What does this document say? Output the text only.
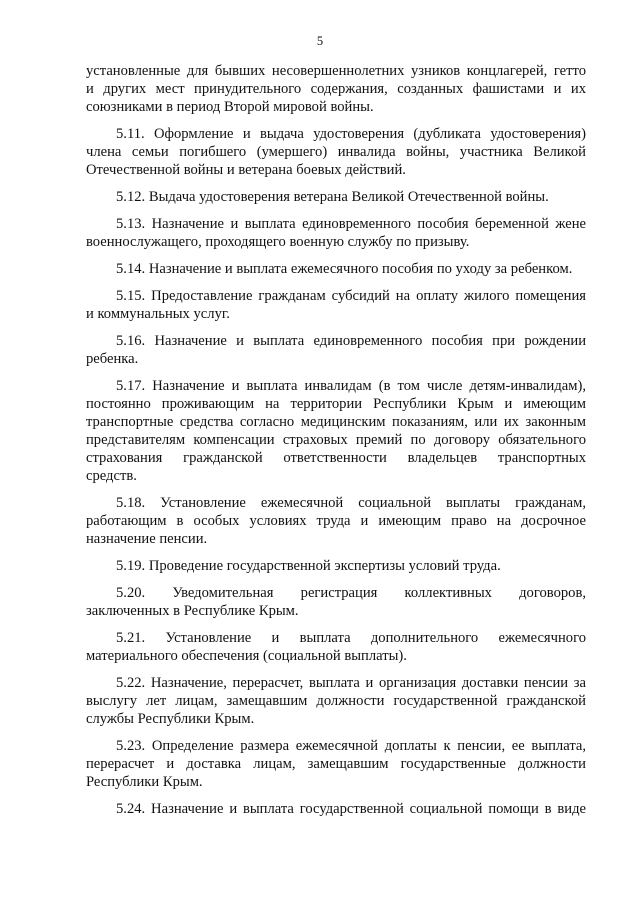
5
установленные для бывших несовершеннолетних узников концлагерей, гетто
и других мест принудительного содержания, созданных фашистами и их
союзниками в период Второй мировой войны.
5.11. Оформление и выдача удостоверения (дубликата удостоверения)
члена семьи погибшего (умершего) инвалида войны, участника Великой
Отечественной войны и ветерана боевых действий.
5.12. Выдача удостоверения ветерана Великой Отечественной войны.
5.13. Назначение и выплата единовременного пособия беременной жене
военнослужащего, проходящего военную службу по призыву.
5.14. Назначение и выплата ежемесячного пособия по уходу за ребенком.
5.15. Предоставление гражданам субсидий на оплату жилого помещения
и коммунальных услуг.
5.16. Назначение и выплата единовременного пособия при рождении
ребенка.
5.17. Назначение и выплата инвалидам (в том числе детям-инвалидам),
постоянно проживающим на территории Республики Крым и имеющим
транспортные средства согласно медицинским показаниям, или их законным
представителям компенсации страховых премий по договору обязательного
страхования гражданской ответственности владельцев транспортных
средств.
5.18. Установление ежемесячной социальной выплаты гражданам,
работающим в особых условиях труда и имеющим право на досрочное
назначение пенсии.
5.19. Проведение государственной экспертизы условий труда.
5.20. Уведомительная регистрация коллективных договоров,
заключенных в Республике Крым.
5.21. Установление и выплата дополнительного ежемесячного
материального обеспечения (социальной выплаты).
5.22. Назначение, перерасчет, выплата и организация доставки пенсии за
выслугу лет лицам, замещавшим должности государственной гражданской
службы Республики Крым.
5.23. Определение размера ежемесячной доплаты к пенсии, ее выплата,
перерасчет и доставка лицам, замещавшим государственные должности
Республики Крым.
5.24. Назначение и выплата государственной социальной помощи в виде
